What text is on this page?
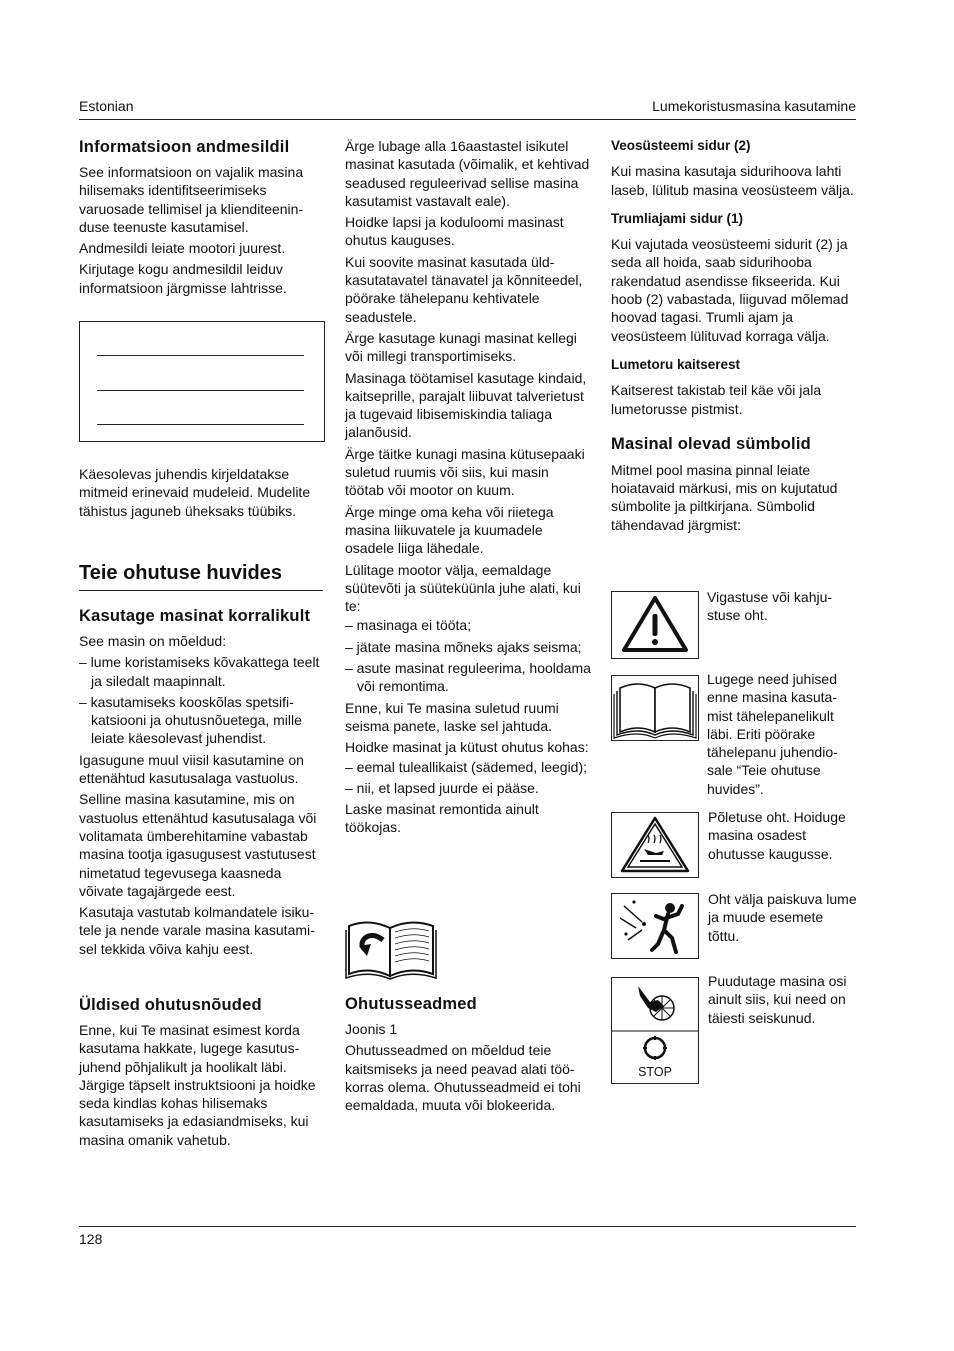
Estonian	Lumekoristusmasina kasutamine
Informatsioon andmesildil

See informatsioon on vajalik masina hilisemaks identifitseerimiseks varuosade tellimisel ja klienditeeninduse teenuste kasutamisel.

Andmesildi leiate mootori juurest.

Kirjutage kogu andmesildil leiduv informatsioon järgmisse lahtrisse.

Käesolevas juhendis kirjeldatakse mitmeid erinevaid mudeleid. Mudelite tähistus jaguneb üheksaks tüübiks.

Teie ohutuse huvides
Kasutage masinat korralikult

See masin on mõeldud:

– lume koristamiseks kõvakattega teelt ja siledalt maapinnalt.

– kasutamiseks kooskõlas spetsifikatsiooni ja ohutusnõuetega, mille leiate käesolevast juhendist.

Igasugune muul viisil kasutamine on ettenähtud kasutusalaga vastuolus.

Selline masina kasutamine, mis on vastuolus ettenähtud kasutusalaga või volitamata ümberehitamine vabastab masina tootja igasugusest vastutusest nimetatud tegevusega kaasneda võivate tagajärgede eest.

Kasutaja vastutab kolmandatele isikutele ja nende varale masina kasutamisel tekkida võiva kahju eest.

Üldised ohutusnõuded

Enne, kui Te masinat esimest korda kasutama hakkate, lugege kasutusjuhend põhjalikult ja hoolikalt läbi. Järgige täpselt instruktsiooni ja hoidke seda kindlas kohas hilisemaks kasutamiseks ja edasiandmiseks, kui masina omanik vahetub.

Ärge lubage alla 16aastastel isikutel masinat kasutada (võimalik, et kehtivad seadused reguleerivad sellise masina kasutamist vastavalt eale).

Hoidke lapsi ja koduloomi masinast ohutus kauguses.

Kui soovite masinat kasutada üldkasutatavatel tänavatel ja kõnniteedel, pöörake tähelepanu kehtivatele seadustele.

Ärge kasutage kunagi masinat kellegi või millegi transportimiseks.

Masinaga töötamisel kasutage kindaid, kaitseprille, parajalt liibuvat talverietust ja tugevaid libisemiskindia taliaga jalanõusid.

Ärge täitke kunagi masina kütusepaaki suletud ruumis või siis, kui masin töötab või mootor on kuum.

Ärge minge oma keha või riietega masina liikuvatele ja kuumadele osadele liiga lähedale.

Lülitage mootor välja, eemaldage süütevõti ja süüteküünla juhe alati, kui te:

– masinaga ei tööta;

– jätate masina mõneks ajaks seisma;

– asute masinat reguleerima, hooldama või remontima.

Enne, kui Te masina suletud ruumi seisma panete, laske sel jahtuda.

Hoidke masinat ja kütust ohutus kohas:

– eemal tuleallikaist (sädemed, leegid);

– nii, et lapsed juurde ei pääse.

Laske masinat remontida ainult töökojas.

Ohutusseadmed

Joonis 1

Ohutusseadmed on mõeldud teie kaitsmiseks ja need peavad alati töökorras olema. Ohutusseadmeid ei tohi eemaldada, muuta või blokeerida.

Veosüsteemi sidur (2)

Kui masina kasutaja sidurihoova lahti laseb, lülitub masina veosüsteem välja.

Trumliajami sidur (1)

Kui vajutada veosüsteemi sidurit (2) ja seda all hoida, saab sidurihooba rakendatud asendisse fikseerida. Kui hoob (2) vabastada, liiguvad mõlemad hoovad tagasi. Trumli ajam ja veosüsteem lülituvad korraga välja.

Lumetoru kaitserest

Kaitserest takistab teil käe või jala lumetorusse pistmist.

Masinal olevad sümbolid

Mitmel pool masina pinnal leiate hoiatavaid märkusi, mis on kujutatud sümbolite ja piltkirjana. Sümbolid tähendavad järgmist:

Vigastuse või kahjustuse oht.
Lugege need juhised enne masina kasutamist tähelepanelikult läbi. Eriti pöörake tähelepanu juhendiosale “Teie ohutuse huvides”.
Põletuse oht. Hoiduge masina osadest ohutusse kaugusse.
Oht välja paiskuva lume ja muude esemete tõttu.
STOP
Puudutage masina osi ainult siis, kui need on täiesti seiskunud.
128
